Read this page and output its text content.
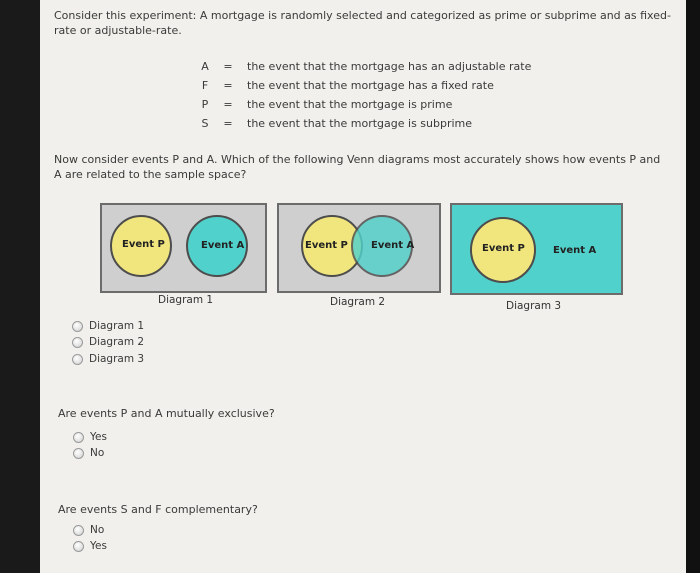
Consider this experiment: A mortgage is randomly selected and categorized as prime or subprime and as fixed-rate or adjustable-rate.
A	= the event that the mortgage has an adjustable rate
F	= the event that the mortgage has a fixed rate
P	= the event that the mortgage is prime
S	= the event that the mortgage is subprime
Now consider events P and A. Which of the following Venn diagrams most accurately shows how events P and A are related to the sample space?
Event P	Event A
Diagram 1
Event P Event A
Diagram 2
Event P	Event A
Diagram 3
Diagram 1
Diagram 2
Diagram 3
Are events P and A mutually exclusive?
Yes
No
Are events S and F complementary?
No
Yes
